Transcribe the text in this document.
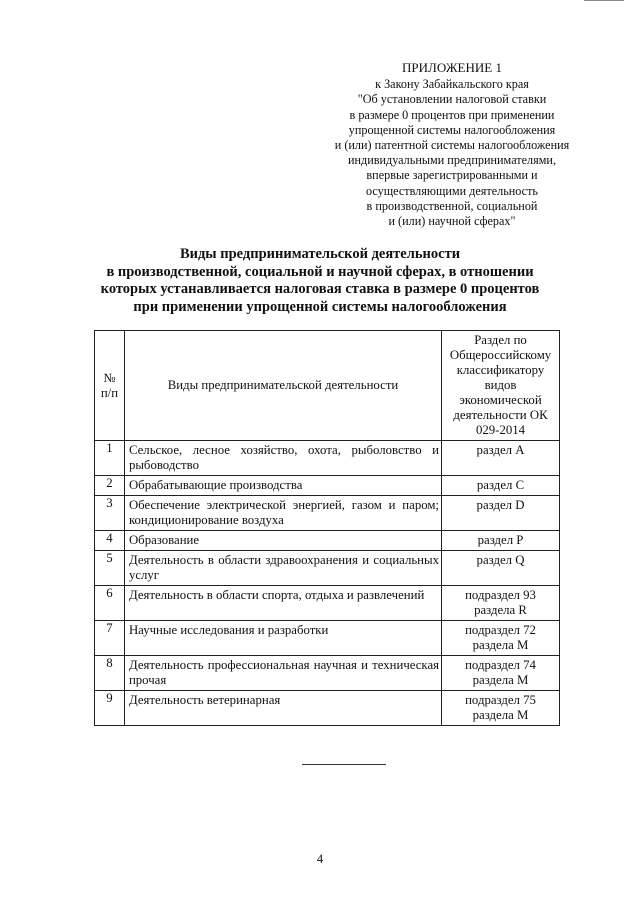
ПРИЛОЖЕНИЕ 1
к Закону Забайкальского края
"Об установлении налоговой ставки
в размере 0 процентов при применении
упрощенной системы налогообложения
и (или) патентной системы налогообложения
индивидуальными предпринимателями,
впервые зарегистрированными и
осуществляющими деятельность
в производственной, социальной
и (или) научной сферах"
Виды предпринимательской деятельности
в производственной, социальной и научной сферах, в отношении
которых устанавливается налоговая ставка в размере 0 процентов
при применении упрощенной системы налогообложения
№ п/п	Виды предпринимательской деятельности	Раздел по Общероссийскому классификатору видов экономической деятельности ОК 029-2014
1	Сельское, лесное хозяйство, охота, рыболовство и рыбоводство	раздел A
2	Обрабатывающие производства	раздел C
3	Обеспечение электрической энергией, газом и паром; кондиционирование воздуха	раздел D
4	Образование	раздел P
5	Деятельность в области здравоохранения и социальных услуг	раздел Q
6	Деятельность в области спорта, отдыха и развлечений	подраздел 93 раздела R
7	Научные исследования и разработки	подраздел 72 раздела M
8	Деятельность профессиональная научная и техническая прочая	подраздел 74 раздела M
9	Деятельность ветеринарная	подраздел 75 раздела M
4
